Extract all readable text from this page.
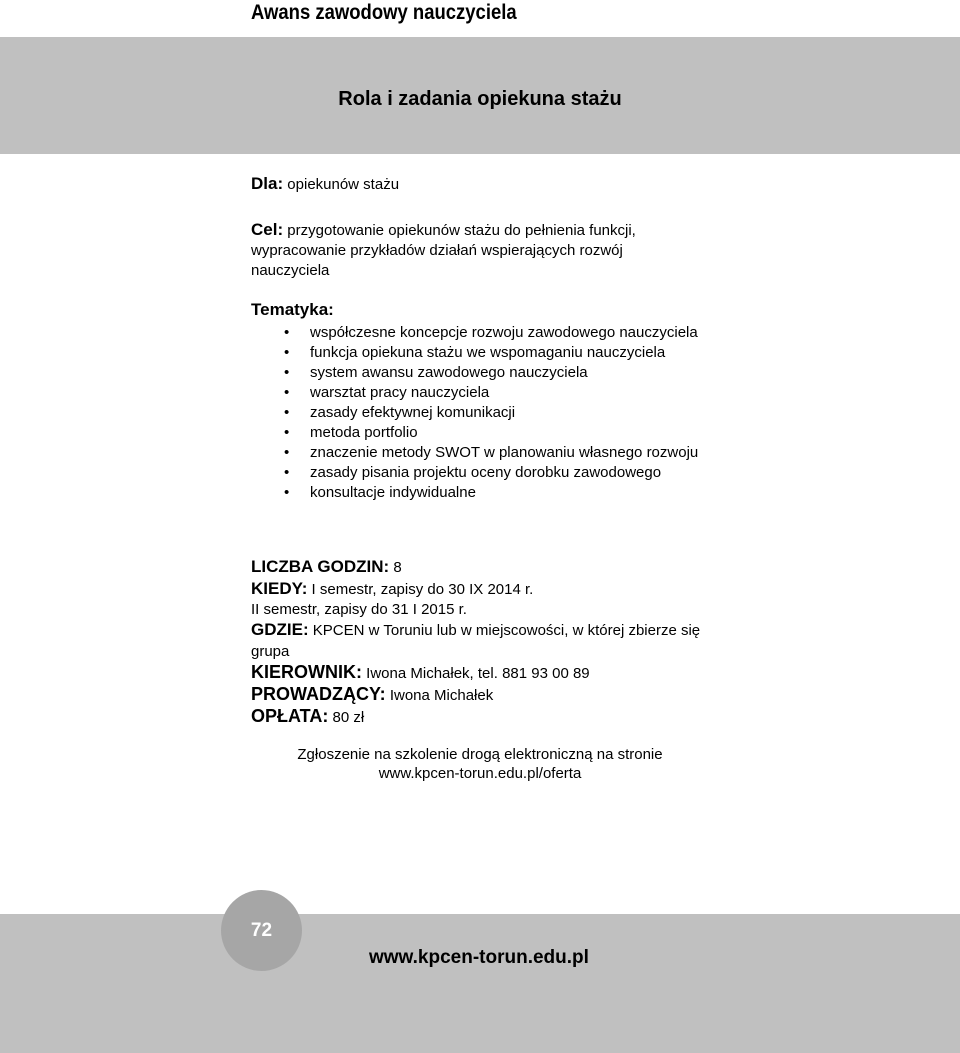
Awans zawodowy nauczyciela
Rola i zadania opiekuna stażu
Dla: opiekunów stażu
Cel: przygotowanie opiekunów stażu do pełnienia funkcji, wypracowanie przykładów działań wspierających rozwój nauczyciela
Tematyka:
• współczesne koncepcje rozwoju zawodowego nauczyciela
• funkcja opiekuna stażu we wspomaganiu nauczyciela
• system awansu zawodowego nauczyciela
• warsztat pracy nauczyciela
• zasady efektywnej komunikacji
• metoda portfolio
• znaczenie metody SWOT w planowaniu własnego rozwoju
• zasady pisania projektu oceny dorobku zawodowego
• konsultacje indywidualne
LICZBA GODZIN: 8
KIEDY: I semestr, zapisy do 30 IX 2014 r.
II semestr, zapisy do 31 I 2015 r.
GDZIE: KPCEN w Toruniu lub w miejscowości, w której zbierze się grupa
KIEROWNIK: Iwona Michałek, tel. 881 93 00 89
PROWADZĄCY: Iwona Michałek
OPŁATA: 80 zł
Zgłoszenie na szkolenie drogą elektroniczną na stronie
www.kpcen-torun.edu.pl/oferta
72
www.kpcen-torun.edu.pl
